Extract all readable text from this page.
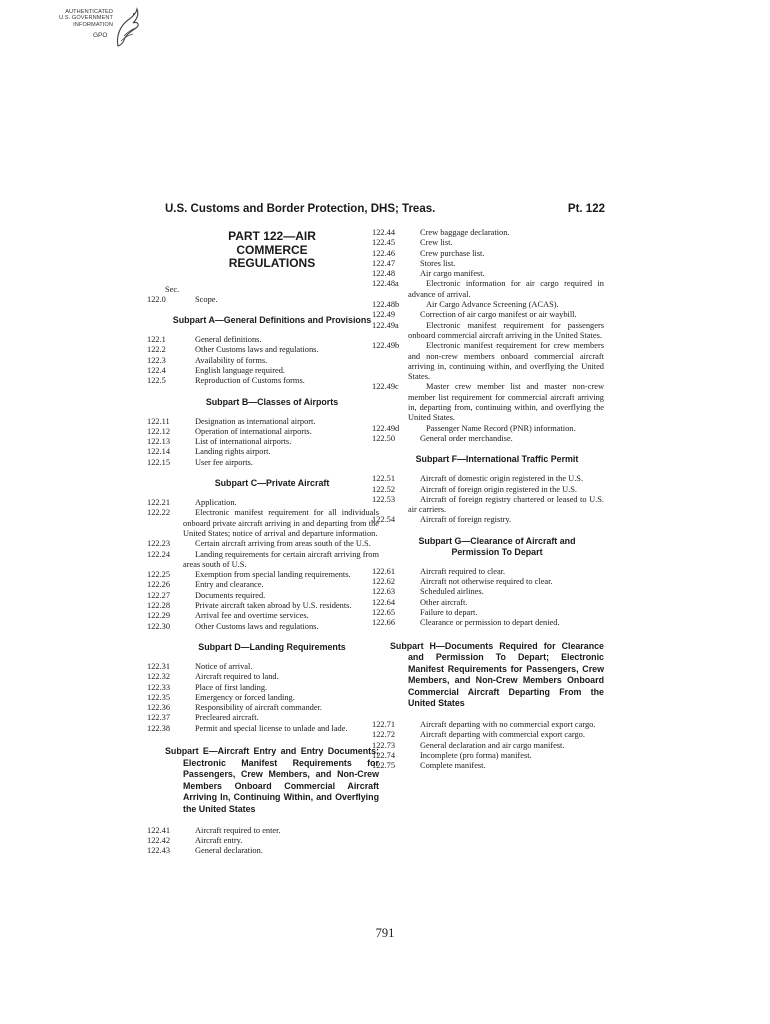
AUTHENTICATED
U.S. GOVERNMENT
INFORMATION
GPO
U.S. Customs and Border Protection, DHS; Treas.	Pt. 122
PART 122—AIR COMMERCE REGULATIONS
Sec.
122.0	Scope.
Subpart A—General Definitions and Provisions
122.1	General definitions.
122.2	Other Customs laws and regulations.
122.3	Availability of forms.
122.4	English language required.
122.5	Reproduction of Customs forms.
Subpart B—Classes of Airports
122.11	Designation as international airport.
122.12	Operation of international airports.
122.13	List of international airports.
122.14	Landing rights airport.
122.15	User fee airports.
Subpart C—Private Aircraft
122.21	Application.
122.22	Electronic manifest requirement for all individuals onboard private aircraft arriving in and departing from the United States; notice of arrival and departure information.
122.23	Certain aircraft arriving from areas south of the U.S.
122.24	Landing requirements for certain aircraft arriving from areas south of U.S.
122.25	Exemption from special landing requirements.
122.26	Entry and clearance.
122.27	Documents required.
122.28	Private aircraft taken abroad by U.S. residents.
122.29	Arrival fee and overtime services.
122.30	Other Customs laws and regulations.
Subpart D—Landing Requirements
122.31	Notice of arrival.
122.32	Aircraft required to land.
122.33	Place of first landing.
122.35	Emergency or forced landing.
122.36	Responsibility of aircraft commander.
122.37	Precleared aircraft.
122.38	Permit and special license to unlade and lade.
Subpart E—Aircraft Entry and Entry Documents; Electronic Manifest Requirements for Passengers, Crew Members, and Non-Crew Members Onboard Commercial Aircraft Arriving In, Continuing Within, and Overflying the United States
122.41	Aircraft required to enter.
122.42	Aircraft entry.
122.43	General declaration.
122.44	Crew baggage declaration.
122.45	Crew list.
122.46	Crew purchase list.
122.47	Stores list.
122.48	Air cargo manifest.
122.48a	Electronic information for air cargo required in advance of arrival.
122.48b	Air Cargo Advance Screening (ACAS).
122.49	Correction of air cargo manifest or air waybill.
122.49a	Electronic manifest requirement for passengers onboard commercial aircraft arriving in the United States.
122.49b	Electronic manifest requirement for crew members and non-crew members onboard commercial aircraft arriving in, continuing within, and overflying the United States.
122.49c	Master crew member list and master non-crew member list requirement for commercial aircraft arriving in, departing from, continuing within, and overflying the United States.
122.49d	Passenger Name Record (PNR) information.
122.50	General order merchandise.
Subpart F—International Traffic Permit
122.51	Aircraft of domestic origin registered in the U.S.
122.52	Aircraft of foreign origin registered in the U.S.
122.53	Aircraft of foreign registry chartered or leased to U.S. air carriers.
122.54	Aircraft of foreign registry.
Subpart G—Clearance of Aircraft and Permission To Depart
122.61	Aircraft required to clear.
122.62	Aircraft not otherwise required to clear.
122.63	Scheduled airlines.
122.64	Other aircraft.
122.65	Failure to depart.
122.66	Clearance or permission to depart denied.
Subpart H—Documents Required for Clearance and Permission To Depart; Electronic Manifest Requirements for Passengers, Crew Members, and Non-Crew Members Onboard Commercial Aircraft Departing From the United States
122.71	Aircraft departing with no commercial export cargo.
122.72	Aircraft departing with commercial export cargo.
122.73	General declaration and air cargo manifest.
122.74	Incomplete (pro forma) manifest.
122.75	Complete manifest.
791
